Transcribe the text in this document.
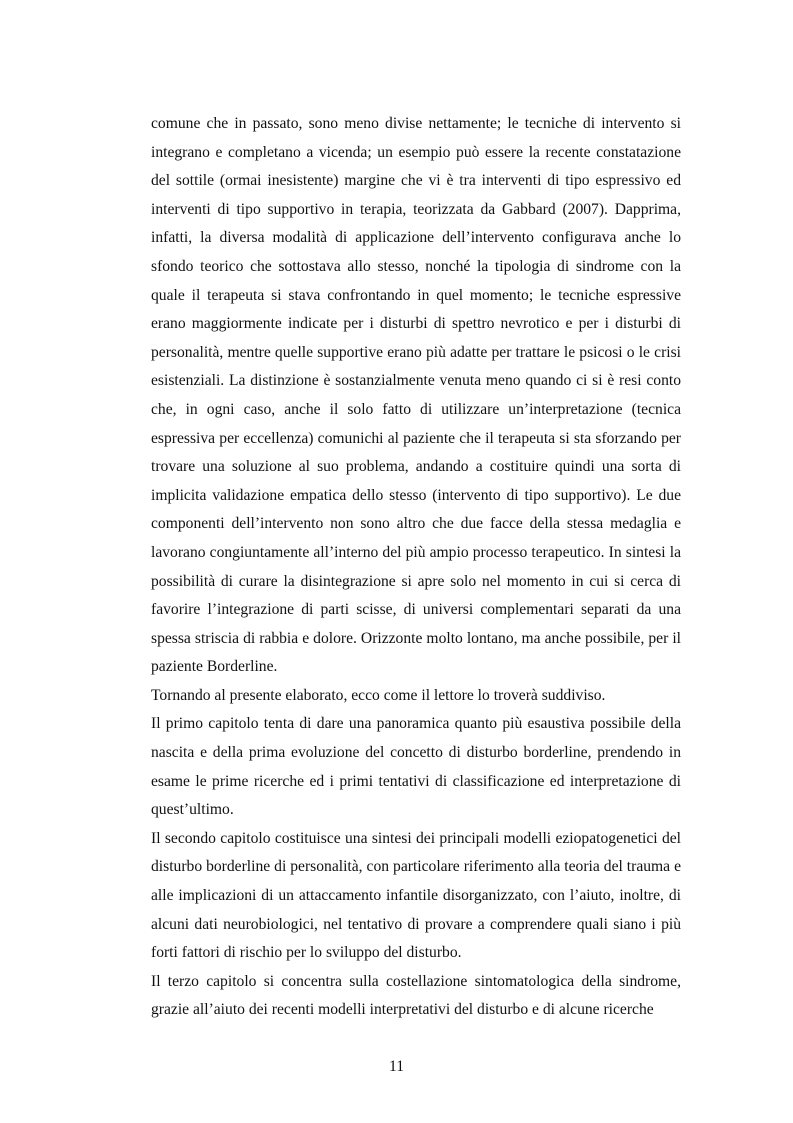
comune che in passato, sono meno divise nettamente; le tecniche di intervento si integrano e completano a vicenda; un esempio può essere la recente constatazione del sottile (ormai inesistente) margine che vi è tra interventi di tipo espressivo ed interventi di tipo supportivo in terapia, teorizzata da Gabbard (2007). Dapprima, infatti, la diversa modalità di applicazione dell’intervento configurava anche lo sfondo teorico che sottostava allo stesso, nonché la tipologia di sindrome con la quale il terapeuta si stava confrontando in quel momento; le tecniche espressive erano maggiormente indicate per i disturbi di spettro nevrotico e per i disturbi di personalità, mentre quelle supportive erano più adatte per trattare le psicosi o le crisi esistenziali. La distinzione è sostanzialmente venuta meno quando ci si è resi conto che, in ogni caso, anche il solo fatto di utilizzare un’interpretazione (tecnica espressiva per eccellenza) comunichi al paziente che il terapeuta si sta sforzando per trovare una soluzione al suo problema, andando a costituire quindi una sorta di implicita validazione empatica dello stesso (intervento di tipo supportivo). Le due componenti dell’intervento non sono altro che due facce della stessa medaglia e lavorano congiuntamente all’interno del più ampio processo terapeutico. In sintesi la possibilità di curare la disintegrazione si apre solo nel momento in cui si cerca di favorire l’integrazione di parti scisse, di universi complementari separati da una spessa striscia di rabbia e dolore. Orizzonte molto lontano, ma anche possibile, per il paziente Borderline.

Tornando al presente elaborato, ecco come il lettore lo troverà suddiviso.

Il primo capitolo tenta di dare una panoramica quanto più esaustiva possibile della nascita e della prima evoluzione del concetto di disturbo borderline, prendendo in esame le prime ricerche ed i primi tentativi di classificazione ed interpretazione di quest’ultimo.

Il secondo capitolo costituisce una sintesi dei principali modelli eziopatogenetici del disturbo borderline di personalità, con particolare riferimento alla teoria del trauma e alle implicazioni di un attaccamento infantile disorganizzato, con l’aiuto, inoltre, di alcuni dati neurobiologici, nel tentativo di provare a comprendere quali siano i più forti fattori di rischio per lo sviluppo del disturbo.

Il terzo capitolo si concentra sulla costellazione sintomatologica della sindrome, grazie all’aiuto dei recenti modelli interpretativi del disturbo e di alcune ricerche

11
